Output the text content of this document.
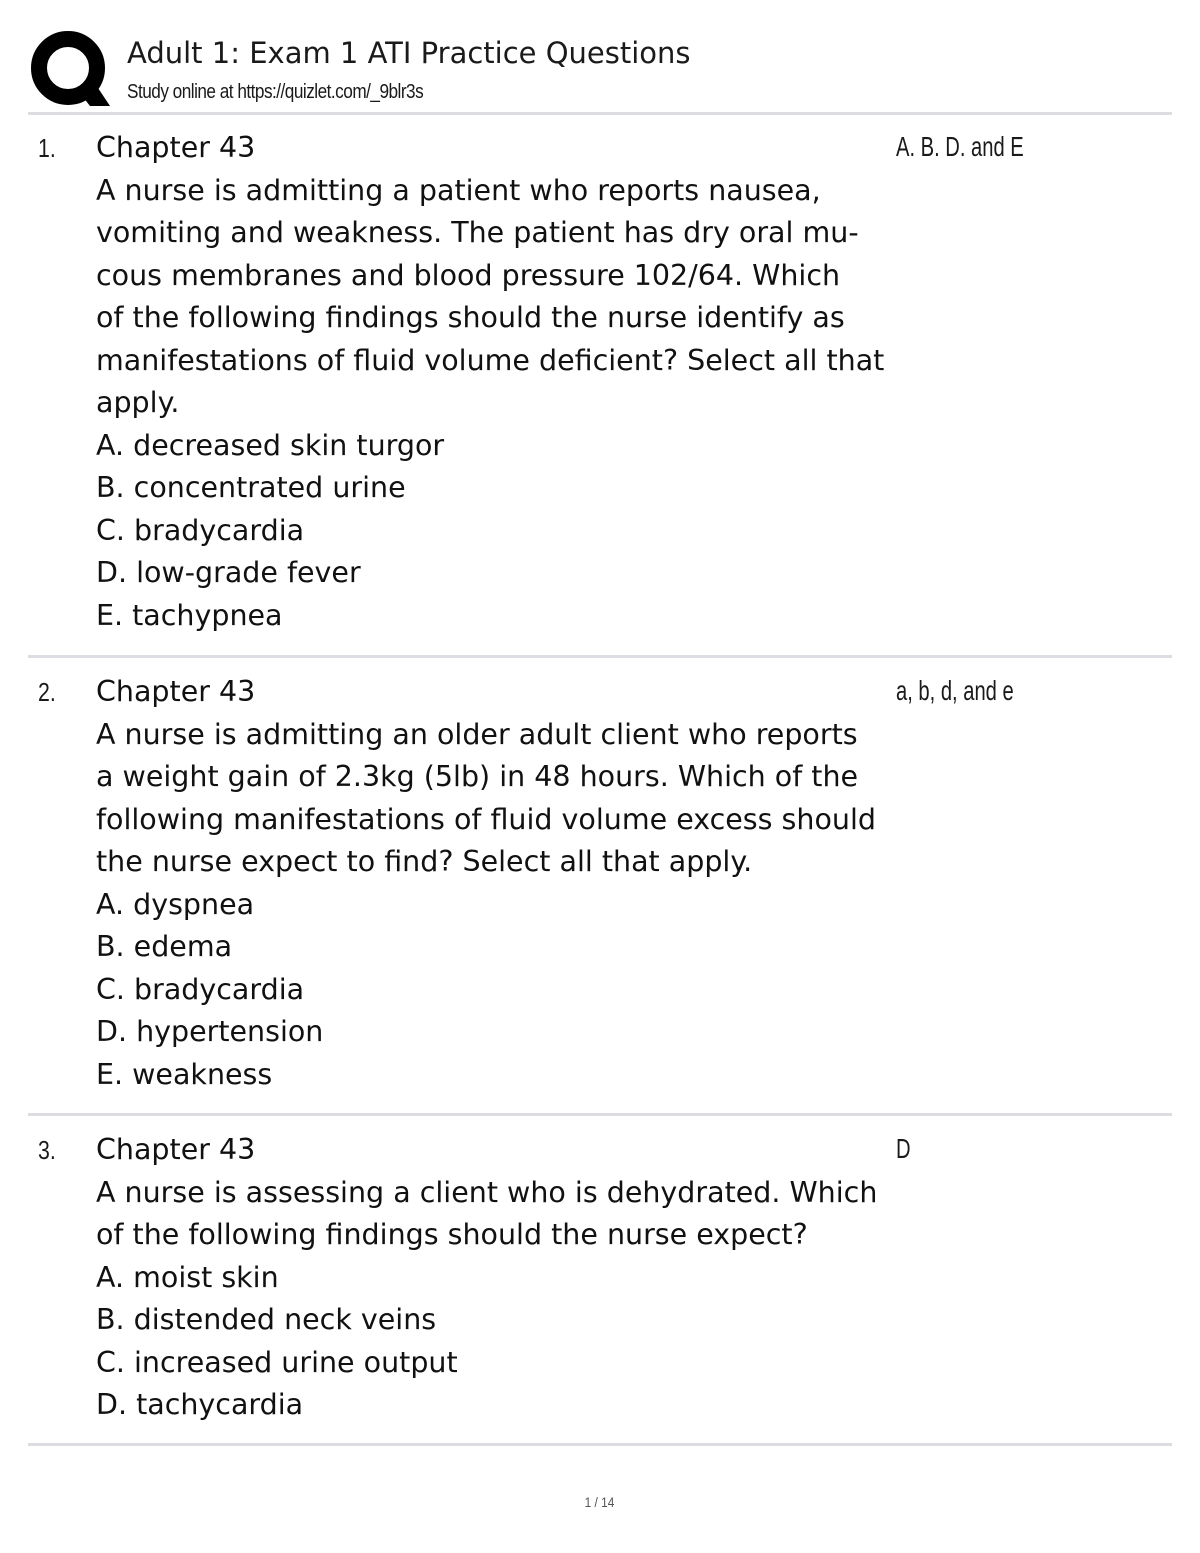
Adult 1: Exam 1 ATI Practice Questions
Study online at https://quizlet.com/_9blr3s
1. Chapter 43
A nurse is admitting a patient who reports nausea,
vomiting and weakness. The patient has dry oral mu-
cous membranes and blood pressure 102/64. Which
of the following findings should the nurse identify as
manifestations of fluid volume deficient? Select all that
apply.
A. decreased skin turgor
B. concentrated urine
C. bradycardia
D. low-grade fever
E. tachypnea
A. B. D. and E
2. Chapter 43
A nurse is admitting an older adult client who reports
a weight gain of 2.3kg (5lb) in 48 hours. Which of the
following manifestations of fluid volume excess should
the nurse expect to find? Select all that apply.
A. dyspnea
B. edema
C. bradycardia
D. hypertension
E. weakness
a, b, d, and e
3. Chapter 43
A nurse is assessing a client who is dehydrated. Which
of the following findings should the nurse expect?
A. moist skin
B. distended neck veins
C. increased urine output
D. tachycardia
D
1 / 14
